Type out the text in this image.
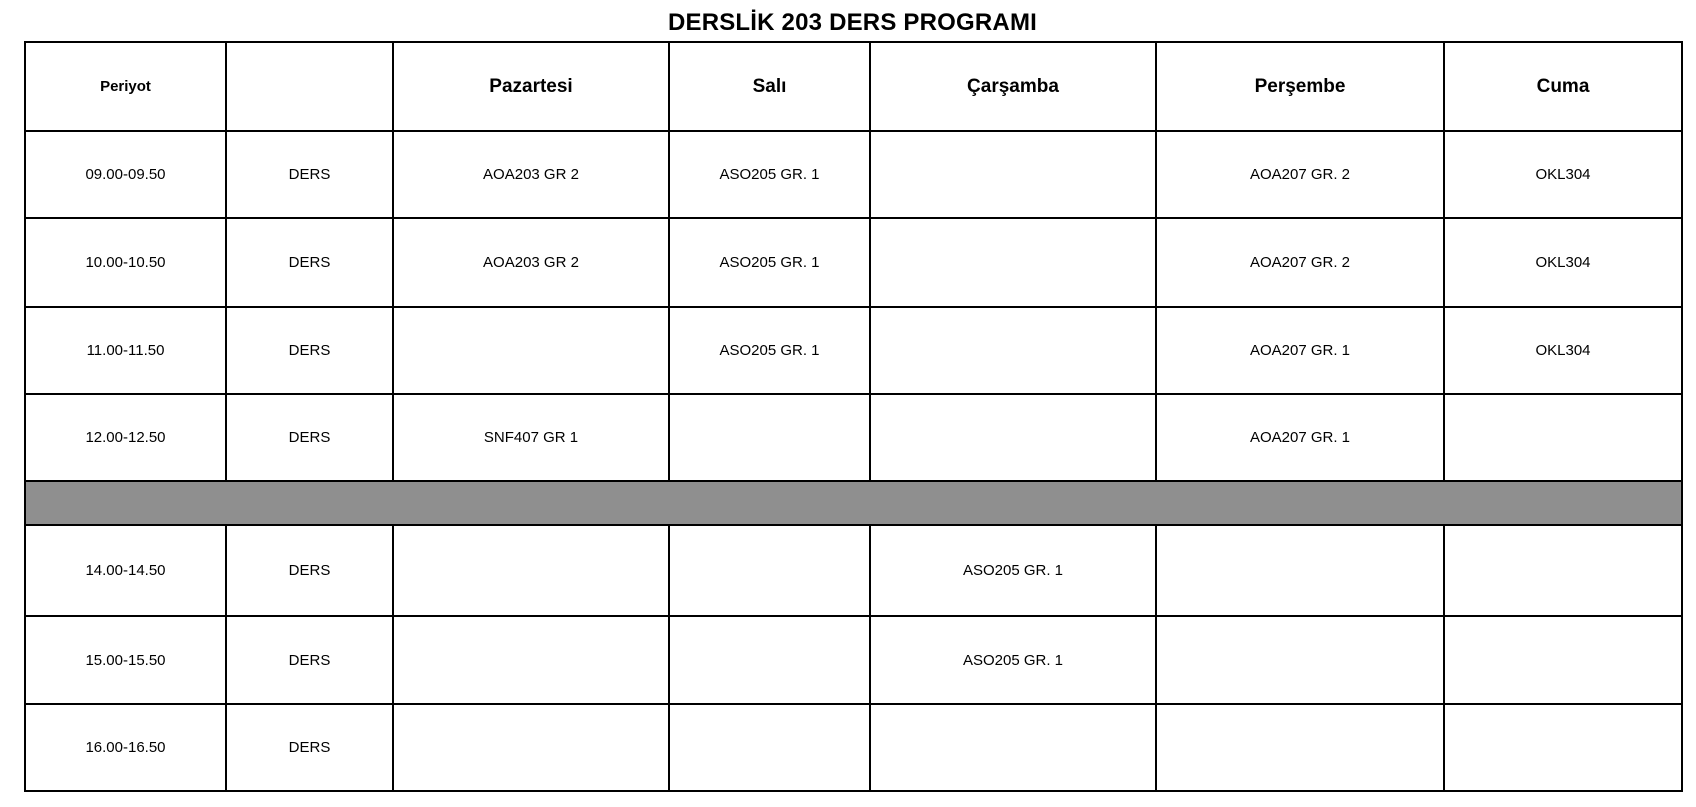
DERSLİK 203 DERS PROGRAMI
Periyot		Pazartesi	Salı	Çarşamba	Perşembe	Cuma
09.00-09.50	DERS	AOA203 GR 2	ASO205 GR. 1		AOA207 GR. 2	OKL304
10.00-10.50	DERS	AOA203 GR 2	ASO205 GR. 1		AOA207 GR. 2	OKL304
11.00-11.50	DERS		ASO205 GR. 1		AOA207 GR. 1	OKL304
12.00-12.50	DERS	SNF407 GR 1			AOA207 GR. 1	

14.00-14.50	DERS			ASO205 GR. 1		
15.00-15.50	DERS			ASO205 GR. 1		
16.00-16.50	DERS					
